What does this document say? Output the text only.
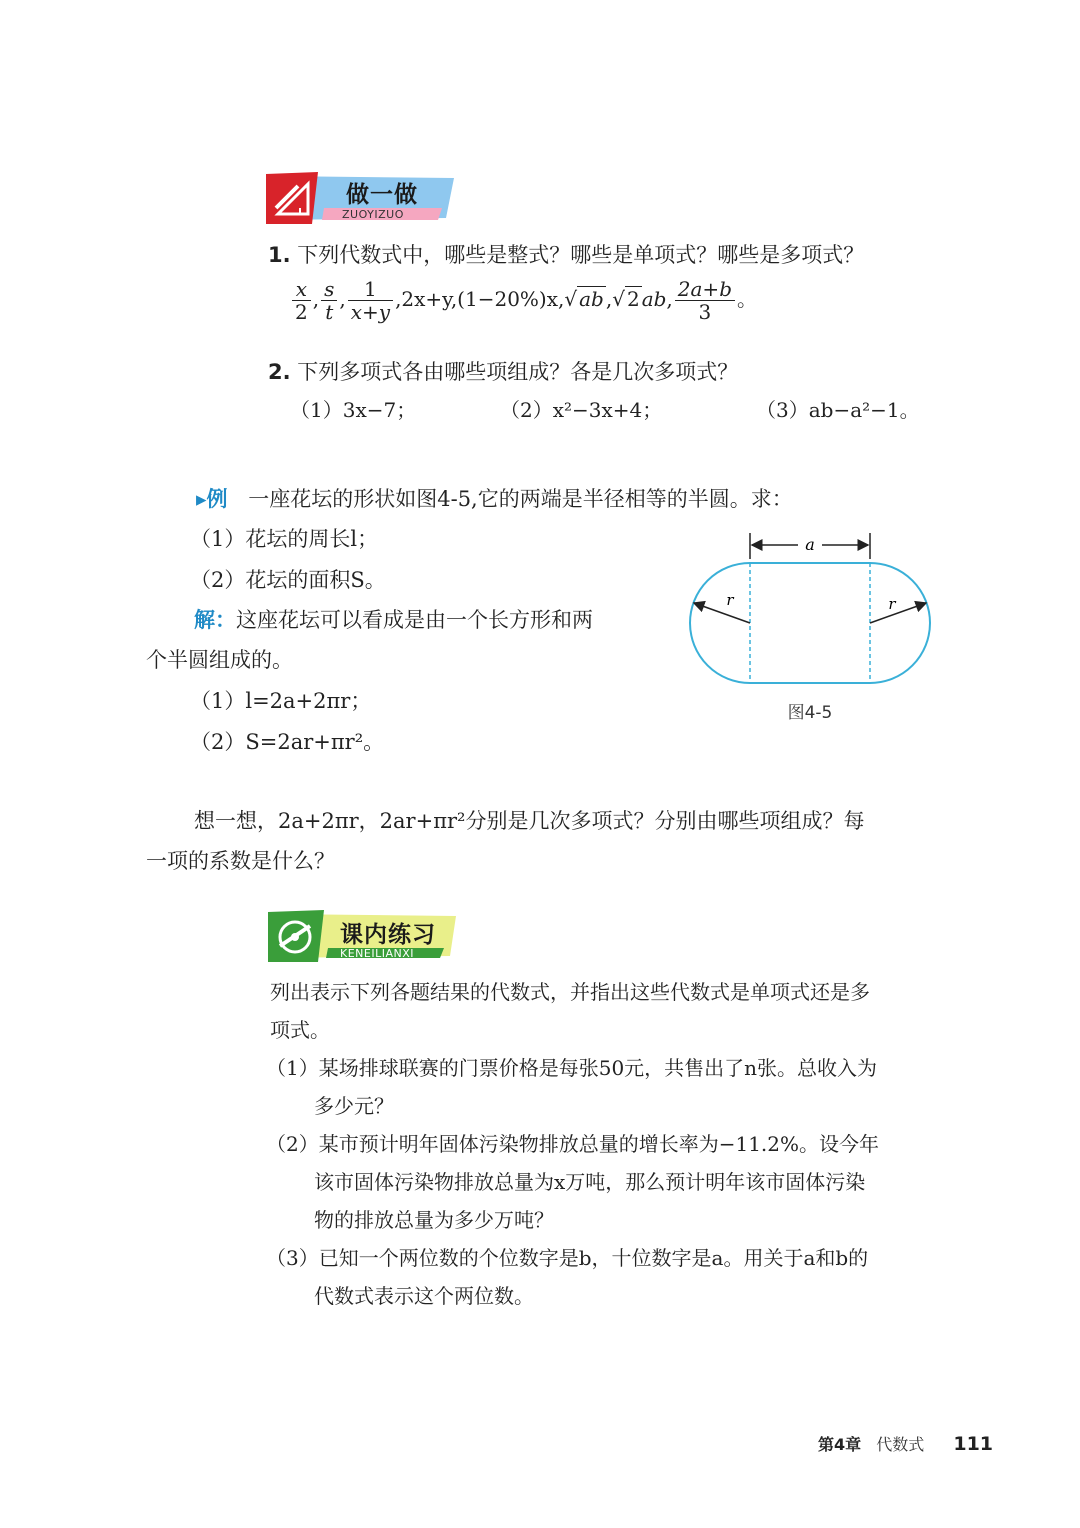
做一做
ZUOYIZUO
1. 下列代数式中，哪些是整式？哪些是单项式？哪些是多项式？
$\frac{x}{2}$ , $\frac{s}{t}$ , $\frac{1}{x+y} ,2x+y,(1-20\%)x,√$ ab ,√ 2 ab, $\frac{2a+b}{3}$ 。
2. 下列多项式各由哪些项组成？各是几次多项式？
（1）3x−7；	（2）x²−3x+4；	（3）ab−a²−1。
▸例 一座花坛的形状如图4-5,它的两端是半径相等的半圆。求：
（1）花坛的周长l；
（2）花坛的面积S。
解：这座花坛可以看成是由一个长方形和两
个半圆组成的。
（1）l=2a+2πr；
（2）S=2ar+πr²。
a
r	r
图4-5
想一想，2a+2πr，2ar+πr²分别是几次多项式？分别由哪些项组成？每
一项的系数是什么？
课内练习
KENEILIANXI
列出表示下列各题结果的代数式，并指出这些代数式是单项式还是多
项式。
（1）某场排球联赛的门票价格是每张50元，共售出了n张。总收入为
多少元？
（2）某市预计明年固体污染物排放总量的增长率为−11.2%。设今年
该市固体污染物排放总量为x万吨，那么预计明年该市固体污染
物的排放总量为多少万吨？
（3）已知一个两位数的个位数字是b，十位数字是a。用关于a和b的
代数式表示这个两位数。
第4章 代数式 111
